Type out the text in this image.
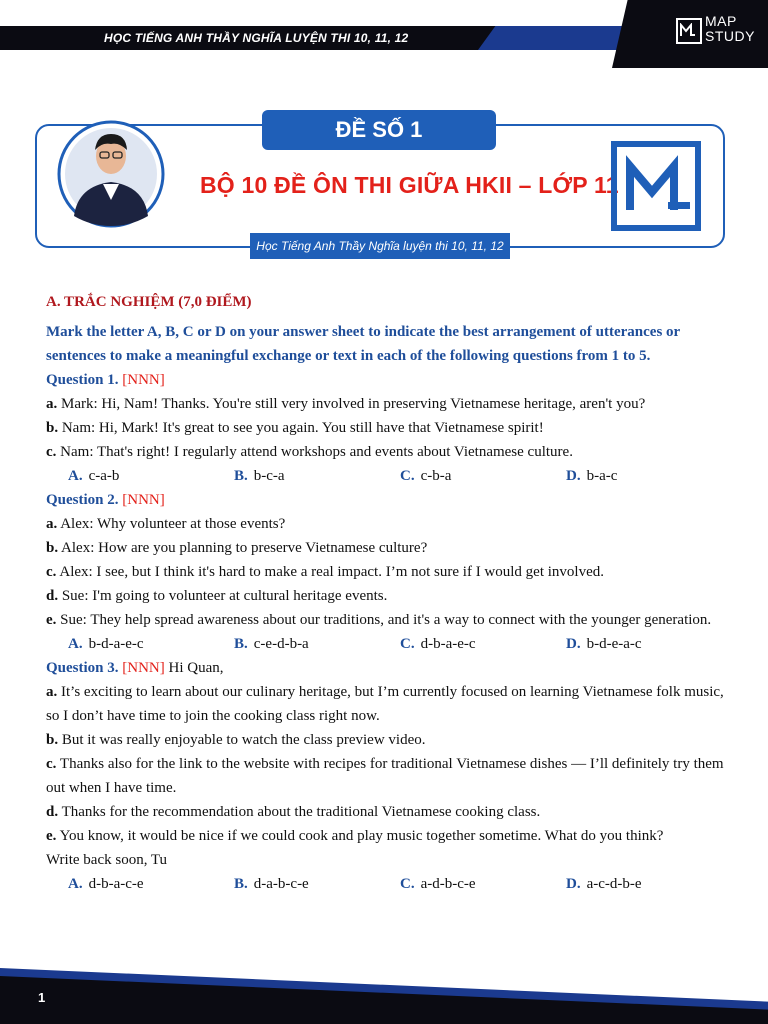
HỌC TIẾNG ANH THẦY NGHĨA LUYỆN THI 10, 11, 12
MAP
STUDY
ĐỀ SỐ 1
BỘ 10 ĐỀ ÔN THI GIỮA HKII – LỚP 11
Học Tiếng Anh Thầy Nghĩa luyện thi 10, 11, 12
A. TRẮC NGHIỆM (7,0 ĐIỂM)
Mark the letter A, B, C or D on your answer sheet to indicate the best arrangement of utterances or sentences to make a meaningful exchange or text in each of the following questions from 1 to 5.
Question 1. [NNN]
a. Mark: Hi, Nam! Thanks. You're still very involved in preserving Vietnamese heritage, aren't you?
b. Nam: Hi, Mark! It's great to see you again. You still have that Vietnamese spirit!
c. Nam: That's right! I regularly attend workshops and events about Vietnamese culture.
A. c-a-b	B. b-c-a	C. c-b-a	D. b-a-c
Question 2. [NNN]
a. Alex: Why volunteer at those events?
b. Alex: How are you planning to preserve Vietnamese culture?
c. Alex: I see, but I think it's hard to make a real impact. I’m not sure if I would get involved.
d. Sue: I'm going to volunteer at cultural heritage events.
e. Sue: They help spread awareness about our traditions, and it's a way to connect with the younger generation.
A. b-d-a-e-c	B. c-e-d-b-a	C. d-b-a-e-c	D. b-d-e-a-c
Question 3. [NNN] Hi Quan,
a. It’s exciting to learn about our culinary heritage, but I’m currently focused on learning Vietnamese folk music, so I don’t have time to join the cooking class right now.
b. But it was really enjoyable to watch the class preview video.
c. Thanks also for the link to the website with recipes for traditional Vietnamese dishes — I’ll definitely try them out when I have time.
d. Thanks for the recommendation about the traditional Vietnamese cooking class.
e. You know, it would be nice if we could cook and play music together sometime. What do you think?
Write back soon, Tu
A. d-b-a-c-e	B. d-a-b-c-e	C. a-d-b-c-e	D. a-c-d-b-e
1
